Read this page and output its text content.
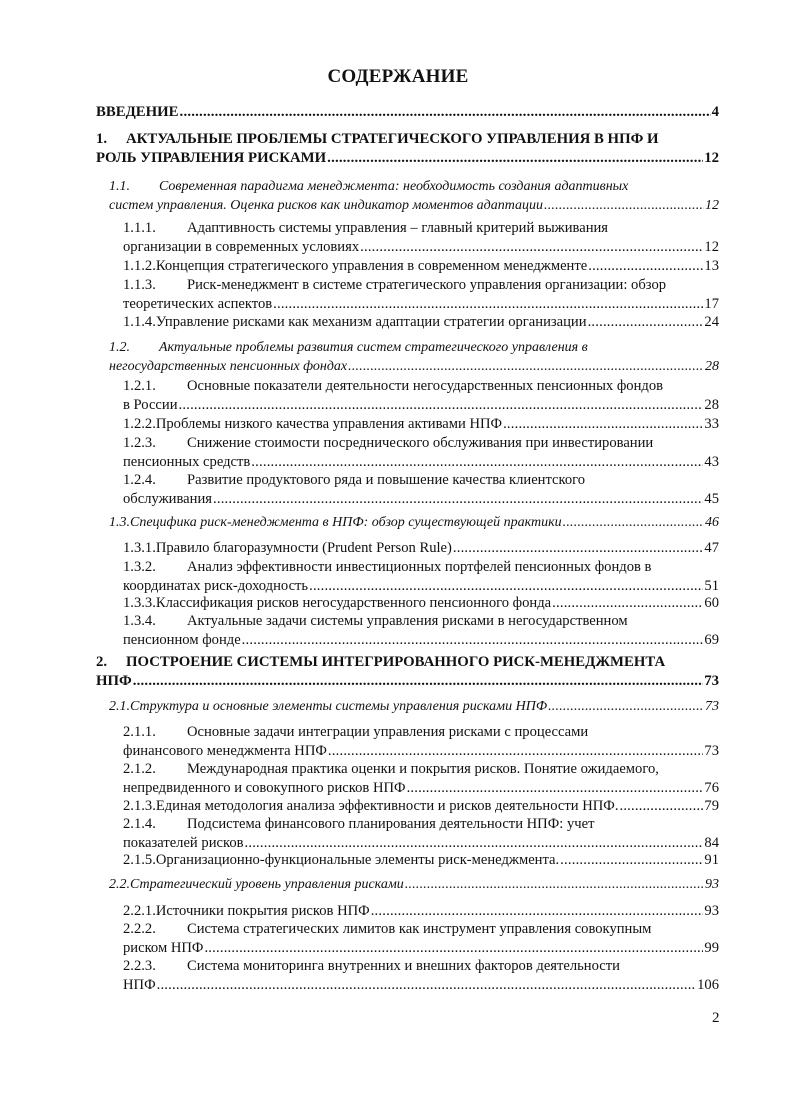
СОДЕРЖАНИЕ
ВВЕДЕНИЕ .....	4
1. АКТУАЛЬНЫЕ ПРОБЛЕМЫ СТРАТЕГИЧЕСКОГО УПРАВЛЕНИЯ В НПФ И
РОЛЬ УПРАВЛЕНИЯ РИСКАМИ .....	12
1.1. Современная парадигма менеджмента: необходимость создания адаптивных
систем управления. Оценка рисков как индикатор моментов адаптации .....	12
1.1.1. Адаптивность системы управления – главный критерий выживания
организации в современных условиях .....	12
1.1.2. Концепция стратегического управления в современном менеджменте .....	13
1.1.3. Риск-менеджмент в системе стратегического управления организации: обзор
теоретических аспектов .....	17
1.1.4. Управление рисками как механизм адаптации стратегии организации .....	24
1.2. Актуальные проблемы развития систем стратегического управления в
негосударственных пенсионных фондах .....	28
1.2.1. Основные показатели деятельности негосударственных пенсионных фондов
в России .....	28
1.2.2. Проблемы низкого качества управления активами НПФ .....	33
1.2.3. Снижение стоимости посреднического обслуживания при инвестировании
пенсионных средств .....	43
1.2.4. Развитие продуктового ряда и повышение качества клиентского
обслуживания .....	45
1.3. Специфика риск-менеджмента в НПФ: обзор существующей практики .....	46
1.3.1. Правило благоразумности (Prudent Person Rule) .....	47
1.3.2. Анализ эффективности инвестиционных портфелей пенсионных фондов в
координатах риск-доходность .....	51
1.3.3. Классификация рисков негосударственного пенсионного фонда .....	60
1.3.4. Актуальные задачи системы управления рисками в негосударственном
пенсионном фонде .....	69
2. ПОСТРОЕНИЕ СИСТЕМЫ ИНТЕГРИРОВАННОГО РИСК-МЕНЕДЖМЕНТА
НПФ .....	73
2.1. Структура и основные элементы системы управления рисками НПФ .....	73
2.1.1. Основные задачи интеграции управления рисками с процессами
финансового менеджмента НПФ .....	73
2.1.2. Международная практика оценки и покрытия рисков. Понятие ожидаемого,
непредвиденного и совокупного рисков НПФ .....	76
2.1.3. Единая методология анализа эффективности и рисков деятельности НПФ. .....	79
2.1.4. Подсистема финансового планирования деятельности НПФ: учет
показателей рисков .....	84
2.1.5. Организационно-функциональные элементы риск-менеджмента. .....	91
2.2. Стратегический уровень управления рисками .....	93
2.2.1. Источники покрытия рисков НПФ .....	93
2.2.2. Система стратегических лимитов как инструмент управления совокупным
риском НПФ .....	99
2.2.3. Система мониторинга внутренних и внешних факторов деятельности
НПФ .....	106
2
